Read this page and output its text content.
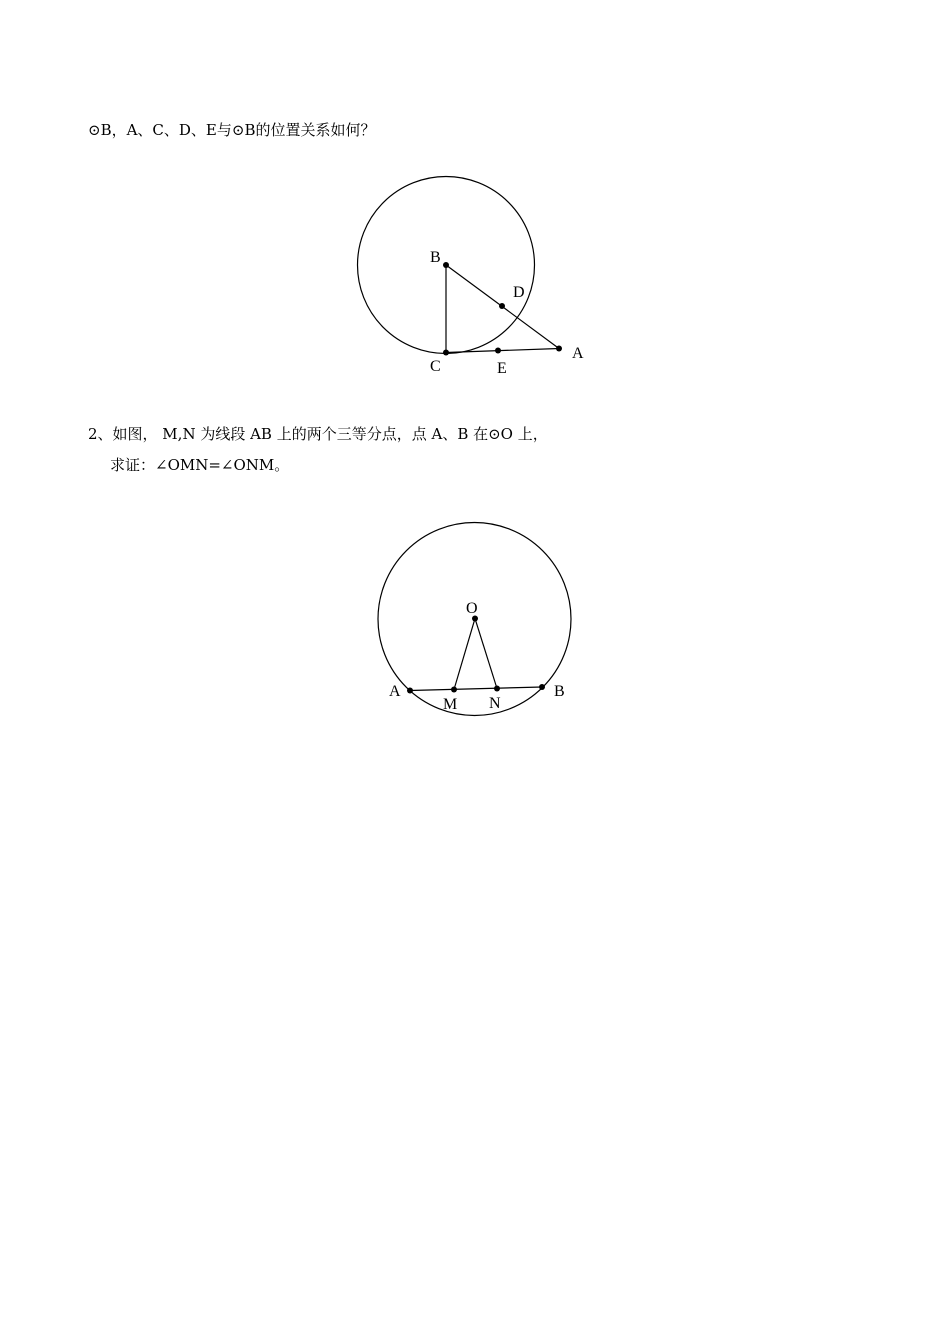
⊙B，A、C、D、E与⊙B的位置关系如何？
B
D
A
C	E
2、如图， M,N 为线段 AB 上的两个三等分点，点 A、B 在⊙O 上，
求证：∠OMN=∠ONM。
O
A	B
M N
